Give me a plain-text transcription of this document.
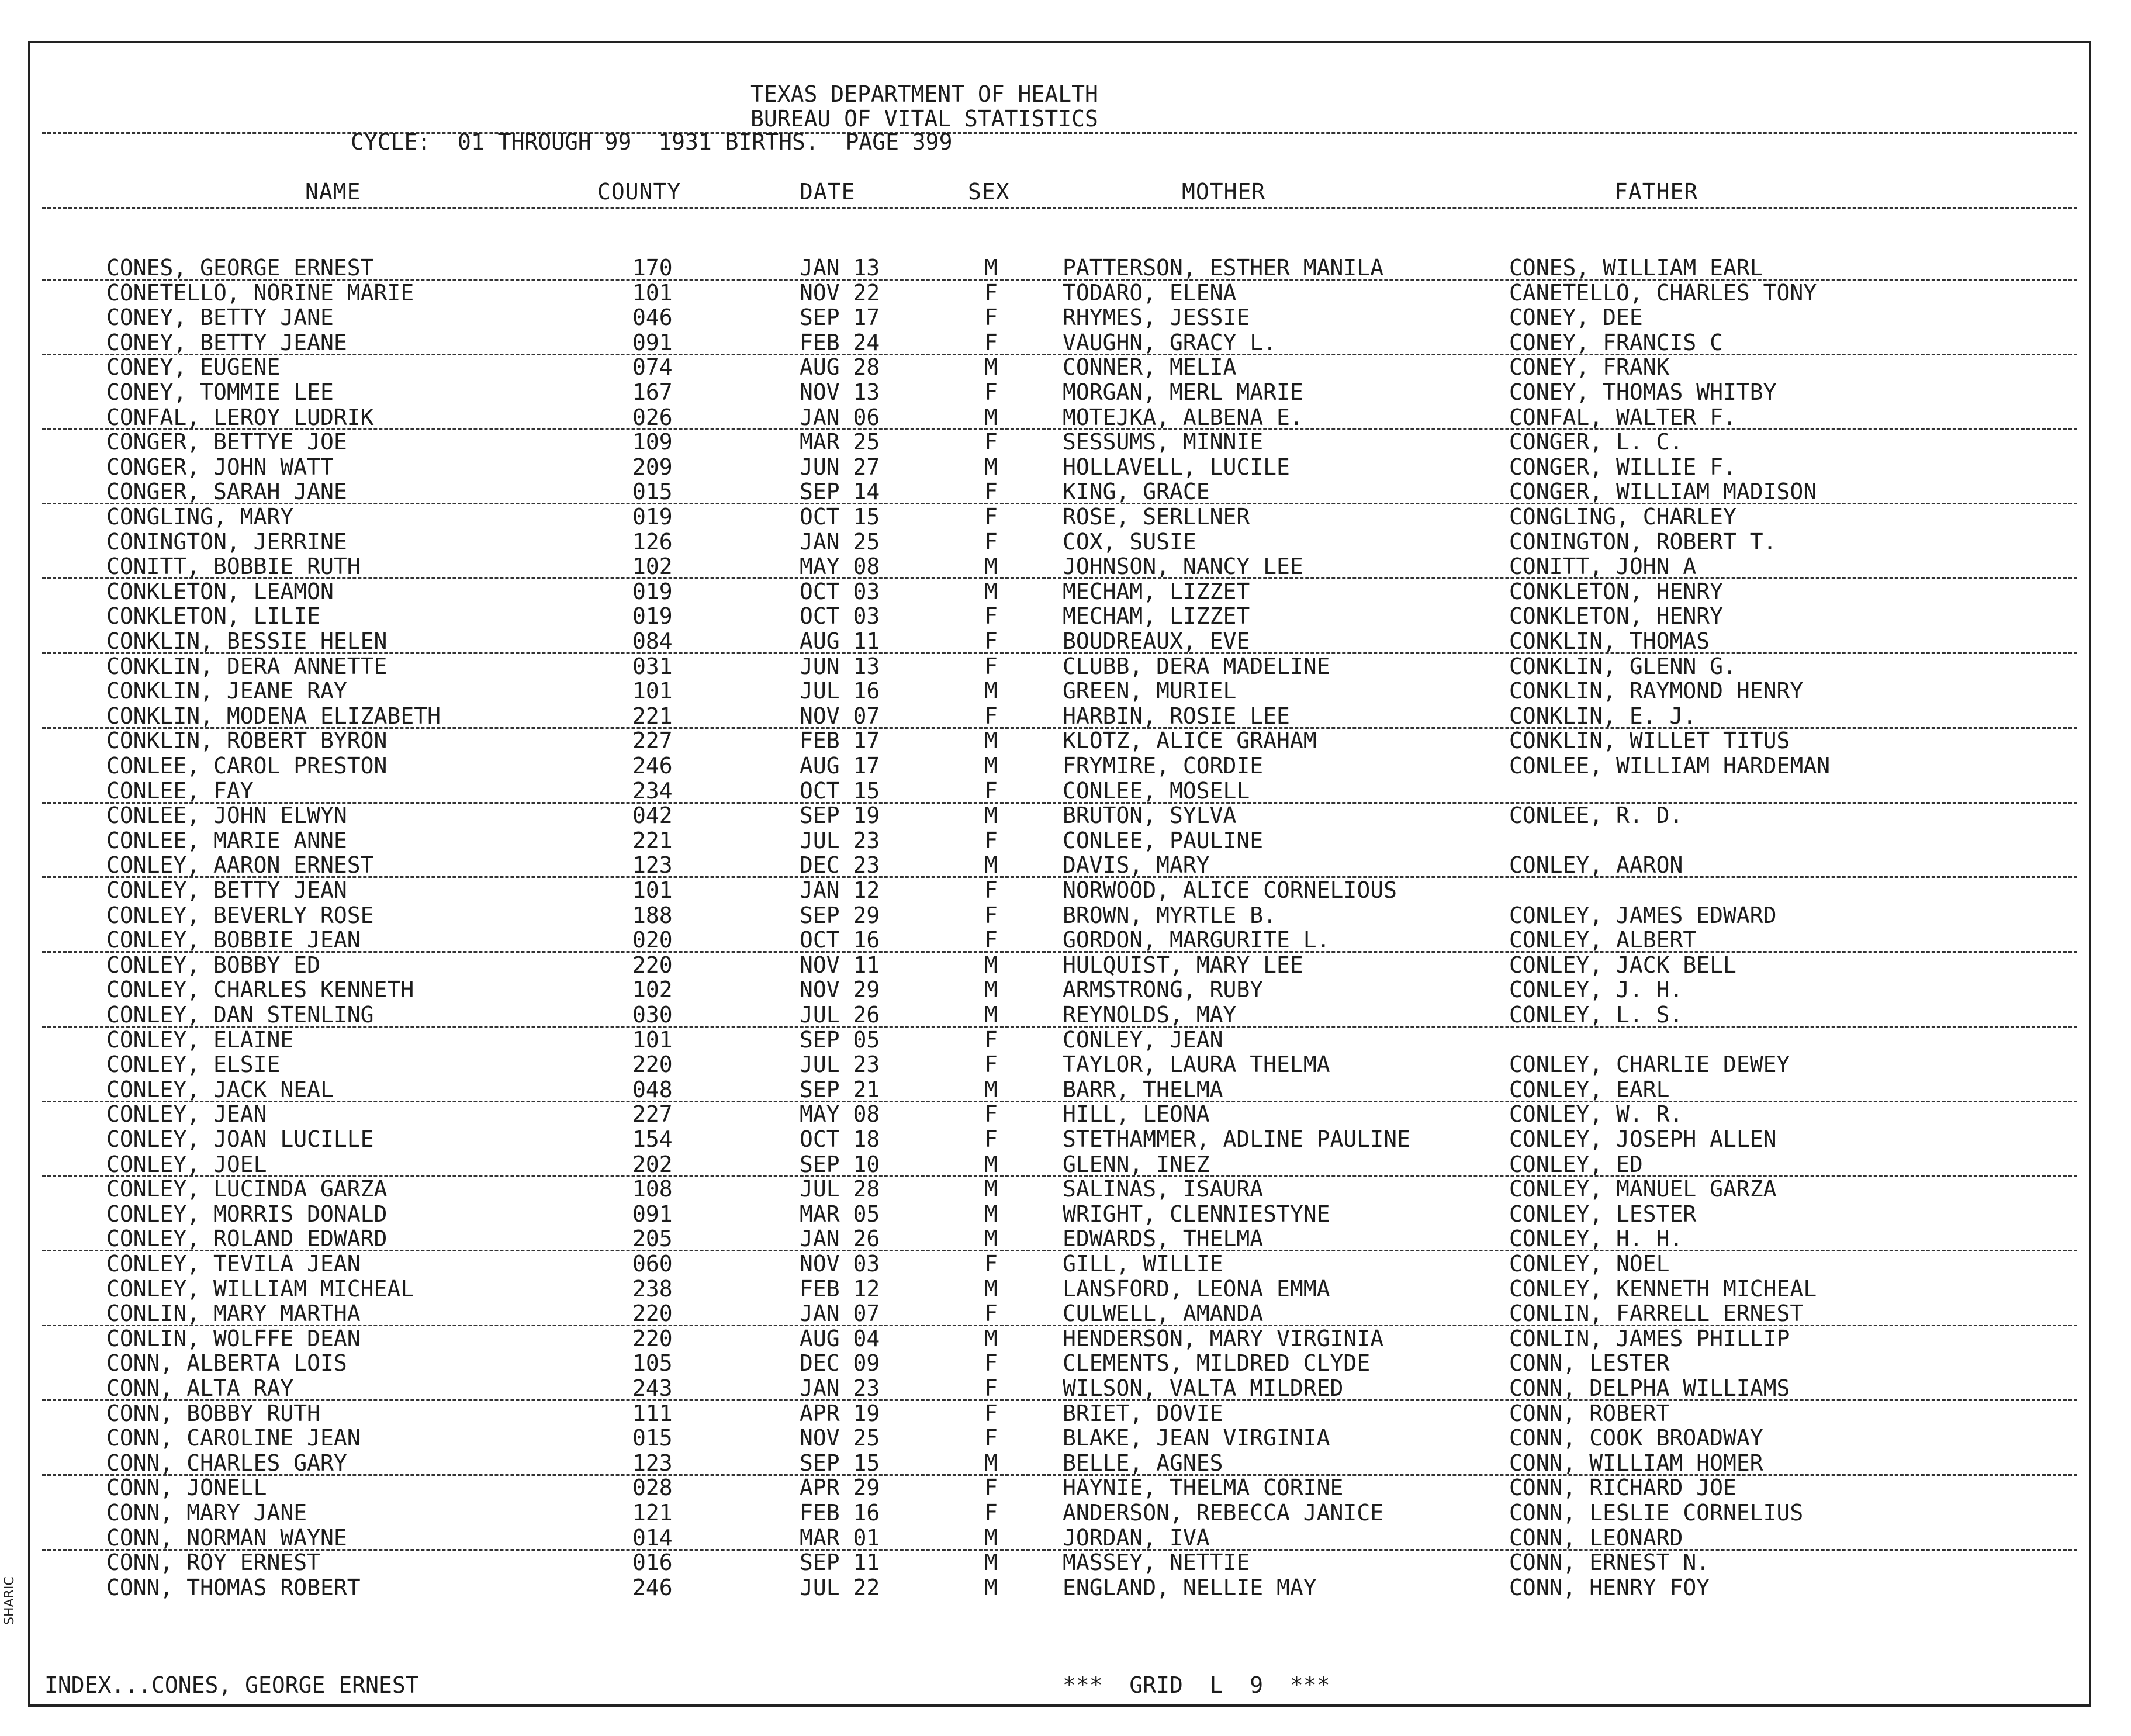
TEXAS DEPARTMENT OF HEALTH
BUREAU OF VITAL STATISTICS
CYCLE:  01 THROUGH 99  1931 BIRTHS.  PAGE 399
NAME	COUNTY	DATE	SEX	MOTHER	FATHER
CONES, GEORGE ERNEST	170	JAN 13	M	PATTERSON, ESTHER MANILA	CONES, WILLIAM EARL
CONETELLO, NORINE MARIE	101	NOV 22	F	TODARO, ELENA	CANETELLO, CHARLES TONY
CONEY, BETTY JANE	046	SEP 17	F	RHYMES, JESSIE	CONEY, DEE
CONEY, BETTY JEANE	091	FEB 24	F	VAUGHN, GRACY L.	CONEY, FRANCIS C
CONEY, EUGENE	074	AUG 28	M	CONNER, MELIA	CONEY, FRANK
CONEY, TOMMIE LEE	167	NOV 13	F	MORGAN, MERL MARIE	CONEY, THOMAS WHITBY
CONFAL, LEROY LUDRIK	026	JAN 06	M	MOTEJKA, ALBENA E.	CONFAL, WALTER F.
CONGER, BETTYE JOE	109	MAR 25	F	SESSUMS, MINNIE	CONGER, L. C.
CONGER, JOHN WATT	209	JUN 27	M	HOLLAVELL, LUCILE	CONGER, WILLIE F.
CONGER, SARAH JANE	015	SEP 14	F	KING, GRACE	CONGER, WILLIAM MADISON
CONGLING, MARY	019	OCT 15	F	ROSE, SERLLNER	CONGLING, CHARLEY
CONINGTON, JERRINE	126	JAN 25	F	COX, SUSIE	CONINGTON, ROBERT T.
CONITT, BOBBIE RUTH	102	MAY 08	M	JOHNSON, NANCY LEE	CONITT, JOHN A
CONKLETON, LEAMON	019	OCT 03	M	MECHAM, LIZZET	CONKLETON, HENRY
CONKLETON, LILIE	019	OCT 03	F	MECHAM, LIZZET	CONKLETON, HENRY
CONKLIN, BESSIE HELEN	084	AUG 11	F	BOUDREAUX, EVE	CONKLIN, THOMAS
CONKLIN, DERA ANNETTE	031	JUN 13	F	CLUBB, DERA MADELINE	CONKLIN, GLENN G.
CONKLIN, JEANE RAY	101	JUL 16	M	GREEN, MURIEL	CONKLIN, RAYMOND HENRY
CONKLIN, MODENA ELIZABETH	221	NOV 07	F	HARBIN, ROSIE LEE	CONKLIN, E. J.
CONKLIN, ROBERT BYRON	227	FEB 17	M	KLOTZ, ALICE GRAHAM	CONKLIN, WILLET TITUS
CONLEE, CAROL PRESTON	246	AUG 17	M	FRYMIRE, CORDIE	CONLEE, WILLIAM HARDEMAN
CONLEE, FAY	234	OCT 15	F	CONLEE, MOSELL
CONLEE, JOHN ELWYN	042	SEP 19	M	BRUTON, SYLVA	CONLEE, R. D.
CONLEE, MARIE ANNE	221	JUL 23	F	CONLEE, PAULINE
CONLEY, AARON ERNEST	123	DEC 23	M	DAVIS, MARY	CONLEY, AARON
CONLEY, BETTY JEAN	101	JAN 12	F	NORWOOD, ALICE CORNELIOUS
CONLEY, BEVERLY ROSE	188	SEP 29	F	BROWN, MYRTLE B.	CONLEY, JAMES EDWARD
CONLEY, BOBBIE JEAN	020	OCT 16	F	GORDON, MARGURITE L.	CONLEY, ALBERT
CONLEY, BOBBY ED	220	NOV 11	M	HULQUIST, MARY LEE	CONLEY, JACK BELL
CONLEY, CHARLES KENNETH	102	NOV 29	M	ARMSTRONG, RUBY	CONLEY, J. H.
CONLEY, DAN STENLING	030	JUL 26	M	REYNOLDS, MAY	CONLEY, L. S.
CONLEY, ELAINE	101	SEP 05	F	CONLEY, JEAN
CONLEY, ELSIE	220	JUL 23	F	TAYLOR, LAURA THELMA	CONLEY, CHARLIE DEWEY
CONLEY, JACK NEAL	048	SEP 21	M	BARR, THELMA	CONLEY, EARL
CONLEY, JEAN	227	MAY 08	F	HILL, LEONA	CONLEY, W. R.
CONLEY, JOAN LUCILLE	154	OCT 18	F	STETHAMMER, ADLINE PAULINE	CONLEY, JOSEPH ALLEN
CONLEY, JOEL	202	SEP 10	M	GLENN, INEZ	CONLEY, ED
CONLEY, LUCINDA GARZA	108	JUL 28	M	SALINAS, ISAURA	CONLEY, MANUEL GARZA
CONLEY, MORRIS DONALD	091	MAR 05	M	WRIGHT, CLENNIESTYNE	CONLEY, LESTER
CONLEY, ROLAND EDWARD	205	JAN 26	M	EDWARDS, THELMA	CONLEY, H. H.
CONLEY, TEVILA JEAN	060	NOV 03	F	GILL, WILLIE	CONLEY, NOEL
CONLEY, WILLIAM MICHEAL	238	FEB 12	M	LANSFORD, LEONA EMMA	CONLEY, KENNETH MICHEAL
CONLIN, MARY MARTHA	220	JAN 07	F	CULWELL, AMANDA	CONLIN, FARRELL ERNEST
CONLIN, WOLFFE DEAN	220	AUG 04	M	HENDERSON, MARY VIRGINIA	CONLIN, JAMES PHILLIP
CONN, ALBERTA LOIS	105	DEC 09	F	CLEMENTS, MILDRED CLYDE	CONN, LESTER
CONN, ALTA RAY	243	JAN 23	F	WILSON, VALTA MILDRED	CONN, DELPHA WILLIAMS
CONN, BOBBY RUTH	111	APR 19	F	BRIET, DOVIE	CONN, ROBERT
CONN, CAROLINE JEAN	015	NOV 25	F	BLAKE, JEAN VIRGINIA	CONN, COOK BROADWAY
CONN, CHARLES GARY	123	SEP 15	M	BELLE, AGNES	CONN, WILLIAM HOMER
CONN, JONELL	028	APR 29	F	HAYNIE, THELMA CORINE	CONN, RICHARD JOE
CONN, MARY JANE	121	FEB 16	F	ANDERSON, REBECCA JANICE	CONN, LESLIE CORNELIUS
CONN, NORMAN WAYNE	014	MAR 01	M	JORDAN, IVA	CONN, LEONARD
CONN, ROY ERNEST	016	SEP 11	M	MASSEY, NETTIE	CONN, ERNEST N.
CONN, THOMAS ROBERT	246	JUL 22	M	ENGLAND, NELLIE MAY	CONN, HENRY FOY
INDEX...CONES, GEORGE ERNEST	***  GRID  L  9  ***
SHARIC
